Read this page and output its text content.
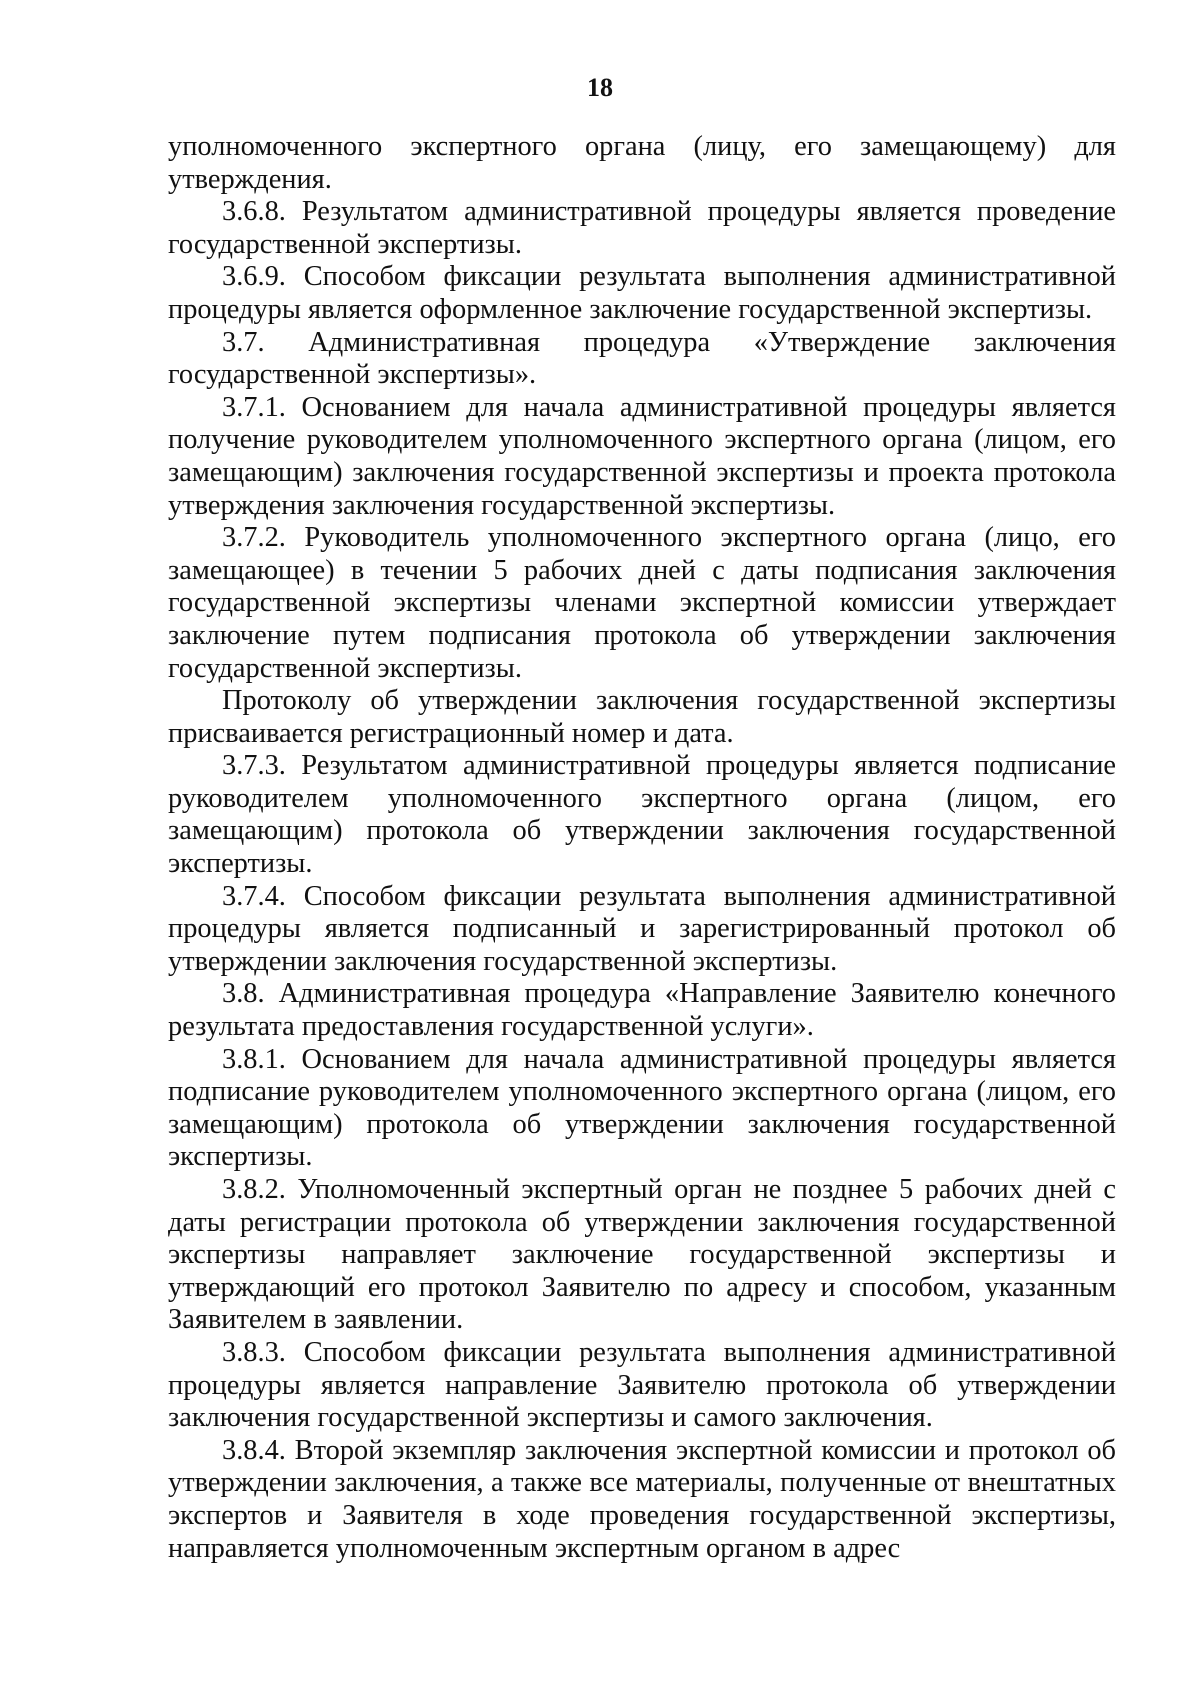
18

уполномоченного экспертного органа (лицу, его замещающему) для утверждения.

3.6.8. Результатом административной процедуры является проведение государственной экспертизы.

3.6.9. Способом фиксации результата выполнения административной процедуры является оформленное заключение государственной экспертизы.

3.7. Административная процедура «Утверждение заключения государственной экспертизы».

3.7.1. Основанием для начала административной процедуры является получение руководителем уполномоченного экспертного органа (лицом, его замещающим) заключения государственной экспертизы и проекта протокола утверждения заключения государственной экспертизы.

3.7.2. Руководитель уполномоченного экспертного органа (лицо, его замещающее) в течении 5 рабочих дней с даты подписания заключения государственной экспертизы членами экспертной комиссии утверждает заключение путем подписания протокола об утверждении заключения государственной экспертизы.

Протоколу об утверждении заключения государственной экспертизы присваивается регистрационный номер и дата.

3.7.3. Результатом административной процедуры является подписание руководителем уполномоченного экспертного органа (лицом, его замещающим) протокола об утверждении заключения государственной экспертизы.

3.7.4. Способом фиксации результата выполнения административной процедуры является подписанный и зарегистрированный протокол об утверждении заключения государственной экспертизы.

3.8. Административная процедура «Направление Заявителю конечного результата предоставления государственной услуги».

3.8.1. Основанием для начала административной процедуры является подписание руководителем уполномоченного экспертного органа (лицом, его замещающим) протокола об утверждении заключения государственной экспертизы.

3.8.2. Уполномоченный экспертный орган не позднее 5 рабочих дней с даты регистрации протокола об утверждении заключения государственной экспертизы направляет заключение государственной экспертизы и утверждающий его протокол Заявителю по адресу и способом, указанным Заявителем в заявлении.

3.8.3. Способом фиксации результата выполнения административной процедуры является направление Заявителю протокола об утверждении заключения государственной экспертизы и самого заключения.

3.8.4. Второй экземпляр заключения экспертной комиссии и протокол об утверждении заключения, а также все материалы, полученные от внештатных экспертов и Заявителя в ходе проведения государственной экспертизы, направляется уполномоченным экспертным органом в адрес
